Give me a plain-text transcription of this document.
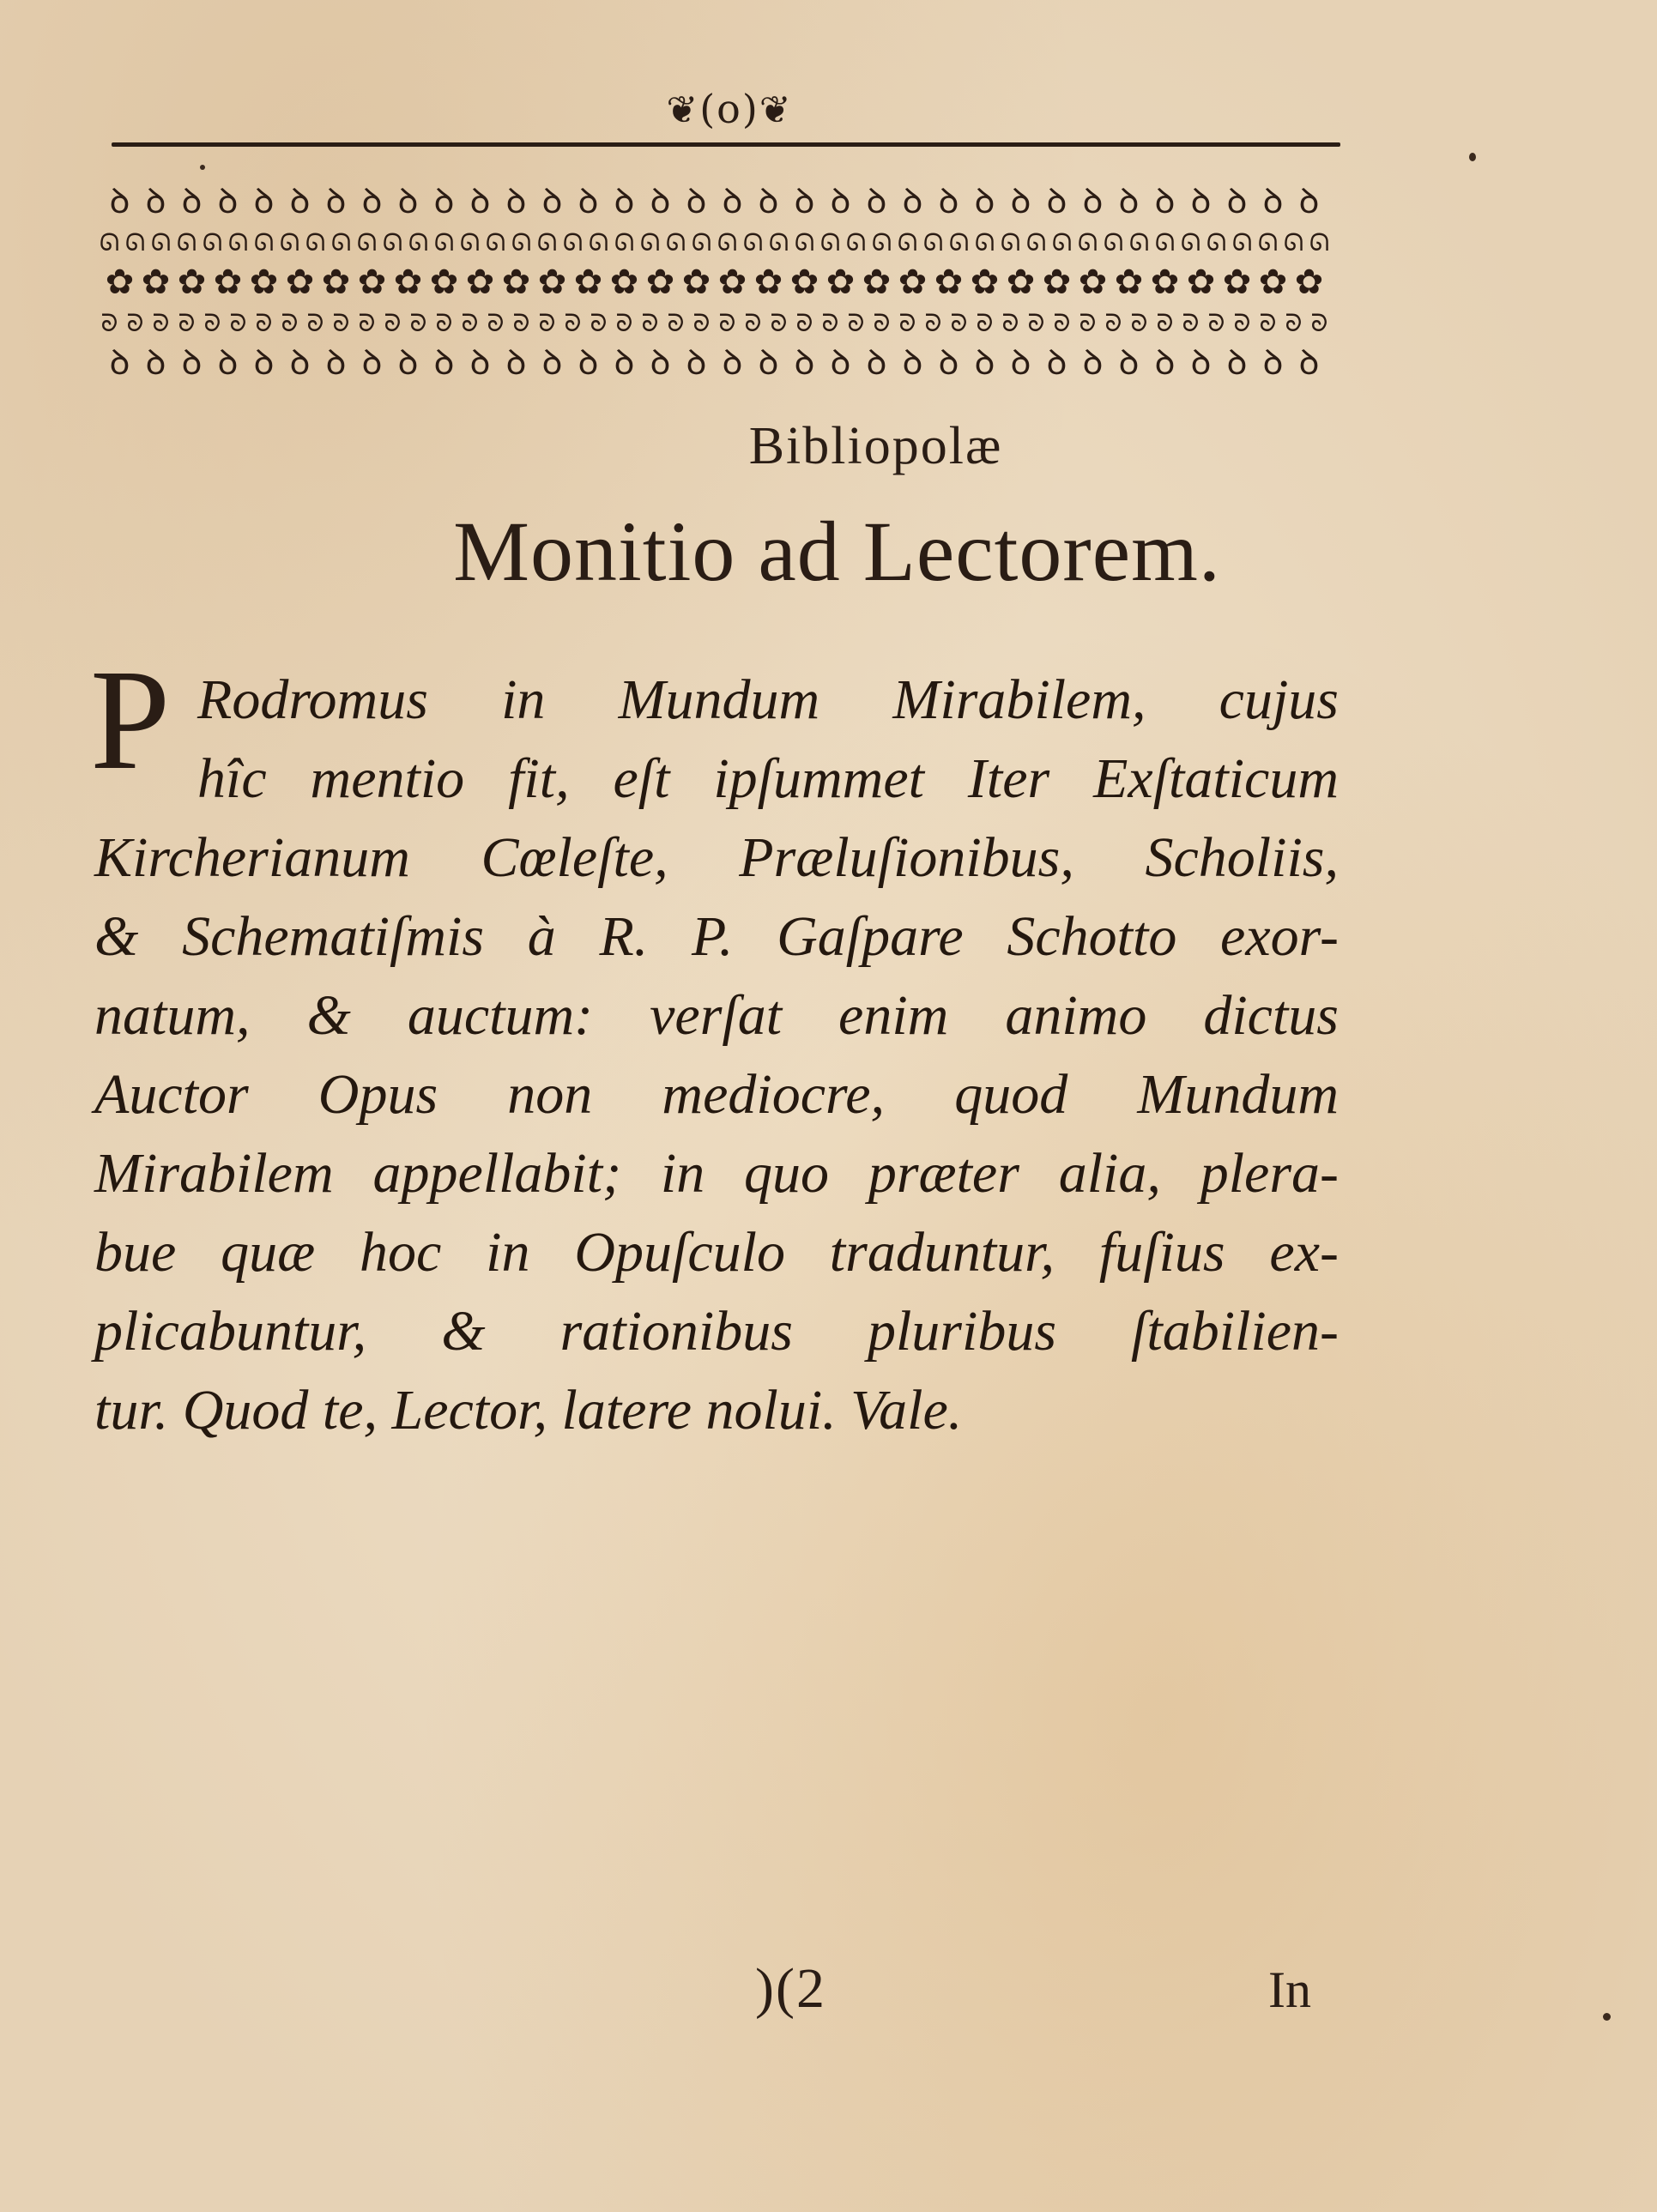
❦(o)❦
ꝺ ꝺ ꝺ ꝺ ꝺ ꝺ ꝺ ꝺ ꝺ ꝺ ꝺ ꝺ ꝺ ꝺ ꝺ ꝺ ꝺ ꝺ ꝺ ꝺ ꝺ ꝺ ꝺ ꝺ ꝺ ꝺ ꝺ ꝺ ꝺ ꝺ ꝺ ꝺ ꝺ ꝺ
ᘏ ᘏ ᘏ ᘏ ᘏ ᘏ ᘏ ᘏ ᘏ ᘏ ᘏ ᘏ ᘏ ᘏ ᘏ ᘏ ᘏ ᘏ ᘏ ᘏ ᘏ ᘏ ᘏ ᘏ ᘏ ᘏ ᘏ ᘏ ᘏ ᘏ ᘏ ᘏ ᘏ ᘏ ᘏ ᘏ ᘏ ᘏ ᘏ ᘏ ᘏ ᘏ ᘏ ᘏ ᘏ ᘏ ᘏ ᘏ
✿ ✿ ✿ ✿ ✿ ✿ ✿ ✿ ✿ ✿ ✿ ✿ ✿ ✿ ✿ ✿ ✿ ✿ ✿ ✿ ✿ ✿ ✿ ✿ ✿ ✿ ✿ ✿ ✿ ✿ ✿ ✿ ✿ ✿
ᘐ ᘐ ᘐ ᘐ ᘐ ᘐ ᘐ ᘐ ᘐ ᘐ ᘐ ᘐ ᘐ ᘐ ᘐ ᘐ ᘐ ᘐ ᘐ ᘐ ᘐ ᘐ ᘐ ᘐ ᘐ ᘐ ᘐ ᘐ ᘐ ᘐ ᘐ ᘐ ᘐ ᘐ ᘐ ᘐ ᘐ ᘐ ᘐ ᘐ ᘐ ᘐ ᘐ ᘐ ᘐ ᘐ ᘐ ᘐ
ꝺ ꝺ ꝺ ꝺ ꝺ ꝺ ꝺ ꝺ ꝺ ꝺ ꝺ ꝺ ꝺ ꝺ ꝺ ꝺ ꝺ ꝺ ꝺ ꝺ ꝺ ꝺ ꝺ ꝺ ꝺ ꝺ ꝺ ꝺ ꝺ ꝺ ꝺ ꝺ ꝺ ꝺ
Bibliopolæ
Monitio ad Lectorem.
P Rodromus in Mundum Mirabilem, cujus
hîc mentio fit, eſt ipſummet Iter Exſtaticum
Kircherianum Cœleſte, Præluſionibus, Scholiis,
& Schematiſmis à R. P. Gaſpare Schotto exor-
natum, & auctum: verſat enim animo dictus
Auctor Opus non mediocre, quod Mundum
Mirabilem appellabit; in quo præter alia, plera-
bue quæ hoc in Opuſculo traduntur, fuſius ex-
plicabuntur, & rationibus pluribus ſtabilien-
tur. Quod te, Lector, latere nolui. Vale.
)(2	In
